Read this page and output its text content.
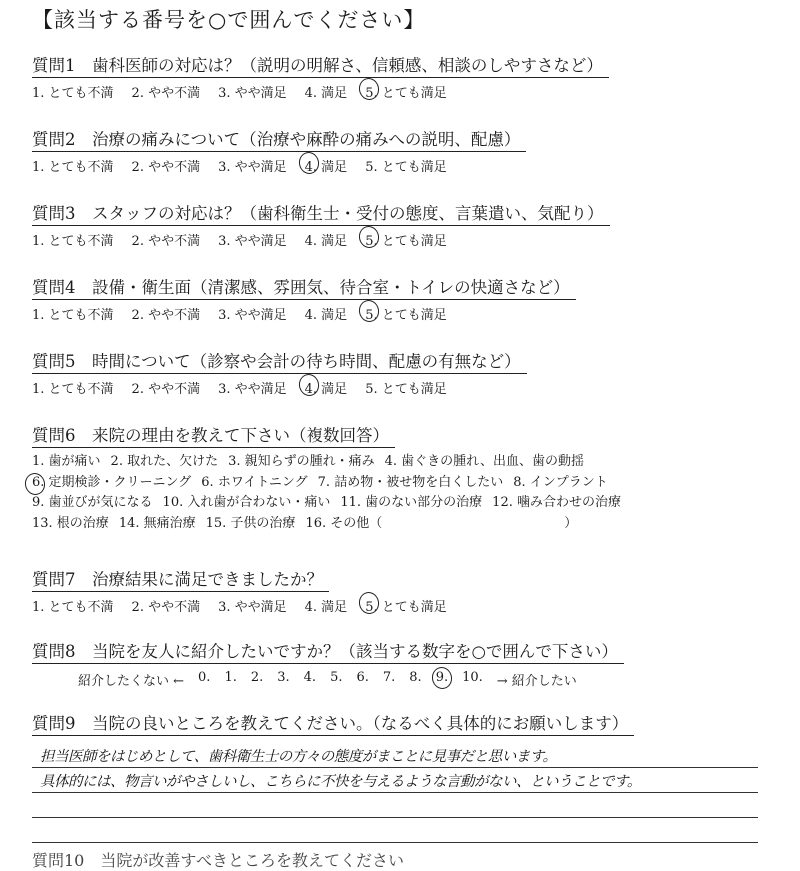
【該当する番号を○で囲んでください】
質問1　歯科医師の対応は？（説明の明解さ、信頼感、相談のしやすさなど）
1. とても不満 2. やや不満 3. やや満足 4. 満足 5. とても満足
質問2　治療の痛みについて（治療や麻酔の痛みへの説明、配慮）
1. とても不満 2. やや不満 3. やや満足 4. 満足 5. とても満足
質問3　スタッフの対応は？（歯科衛生士・受付の態度、言葉遣い、気配り）
1. とても不満 2. やや不満 3. やや満足 4. 満足 5. とても満足
質問4　設備・衛生面（清潔感、雰囲気、待合室・トイレの快適さなど）
1. とても不満 2. やや不満 3. やや満足 4. 満足 5. とても満足
質問5　時間について（診察や会計の待ち時間、配慮の有無など）
1. とても不満 2. やや不満 3. やや満足 4. 満足 5. とても満足
質問6　来院の理由を教えて下さい（複数回答）
1. 歯が痛い 2. 取れた、欠けた 3. 親知らずの腫れ・痛み 4. 歯ぐきの腫れ、出血、歯の動揺
6. 定期検診・クリーニング 6. ホワイトニング 7. 詰め物・被せ物を白くしたい 8. インプラント
9. 歯並びが気になる 10. 入れ歯が合わない・痛い 11. 歯のない部分の治療 12. 噛み合わせの治療
13. 根の治療 14. 無痛治療 15. 子供の治療 16. その他（　　　　　　　　　　　　　　）
質問7　治療結果に満足できましたか？
1. とても不満 2. やや不満 3. やや満足 4. 満足 5. とても満足
質問8　当院を友人に紹介したいですか？（該当する数字を○で囲んで下さい）
紹介したくない ← 0. 1. 2. 3. 4. 5. 6. 7. 8. 9. 10. → 紹介したい
質問9　当院の良いところを教えてください。（なるべく具体的にお願いします）
担当医師をはじめとして、歯科衛生士の方々の態度がまことに見事だと思います。
具体的には、物言いがやさしいし、こちらに不快を与えるような言動がない、ということです。
質問10　当院が改善すべきところを教えてください
